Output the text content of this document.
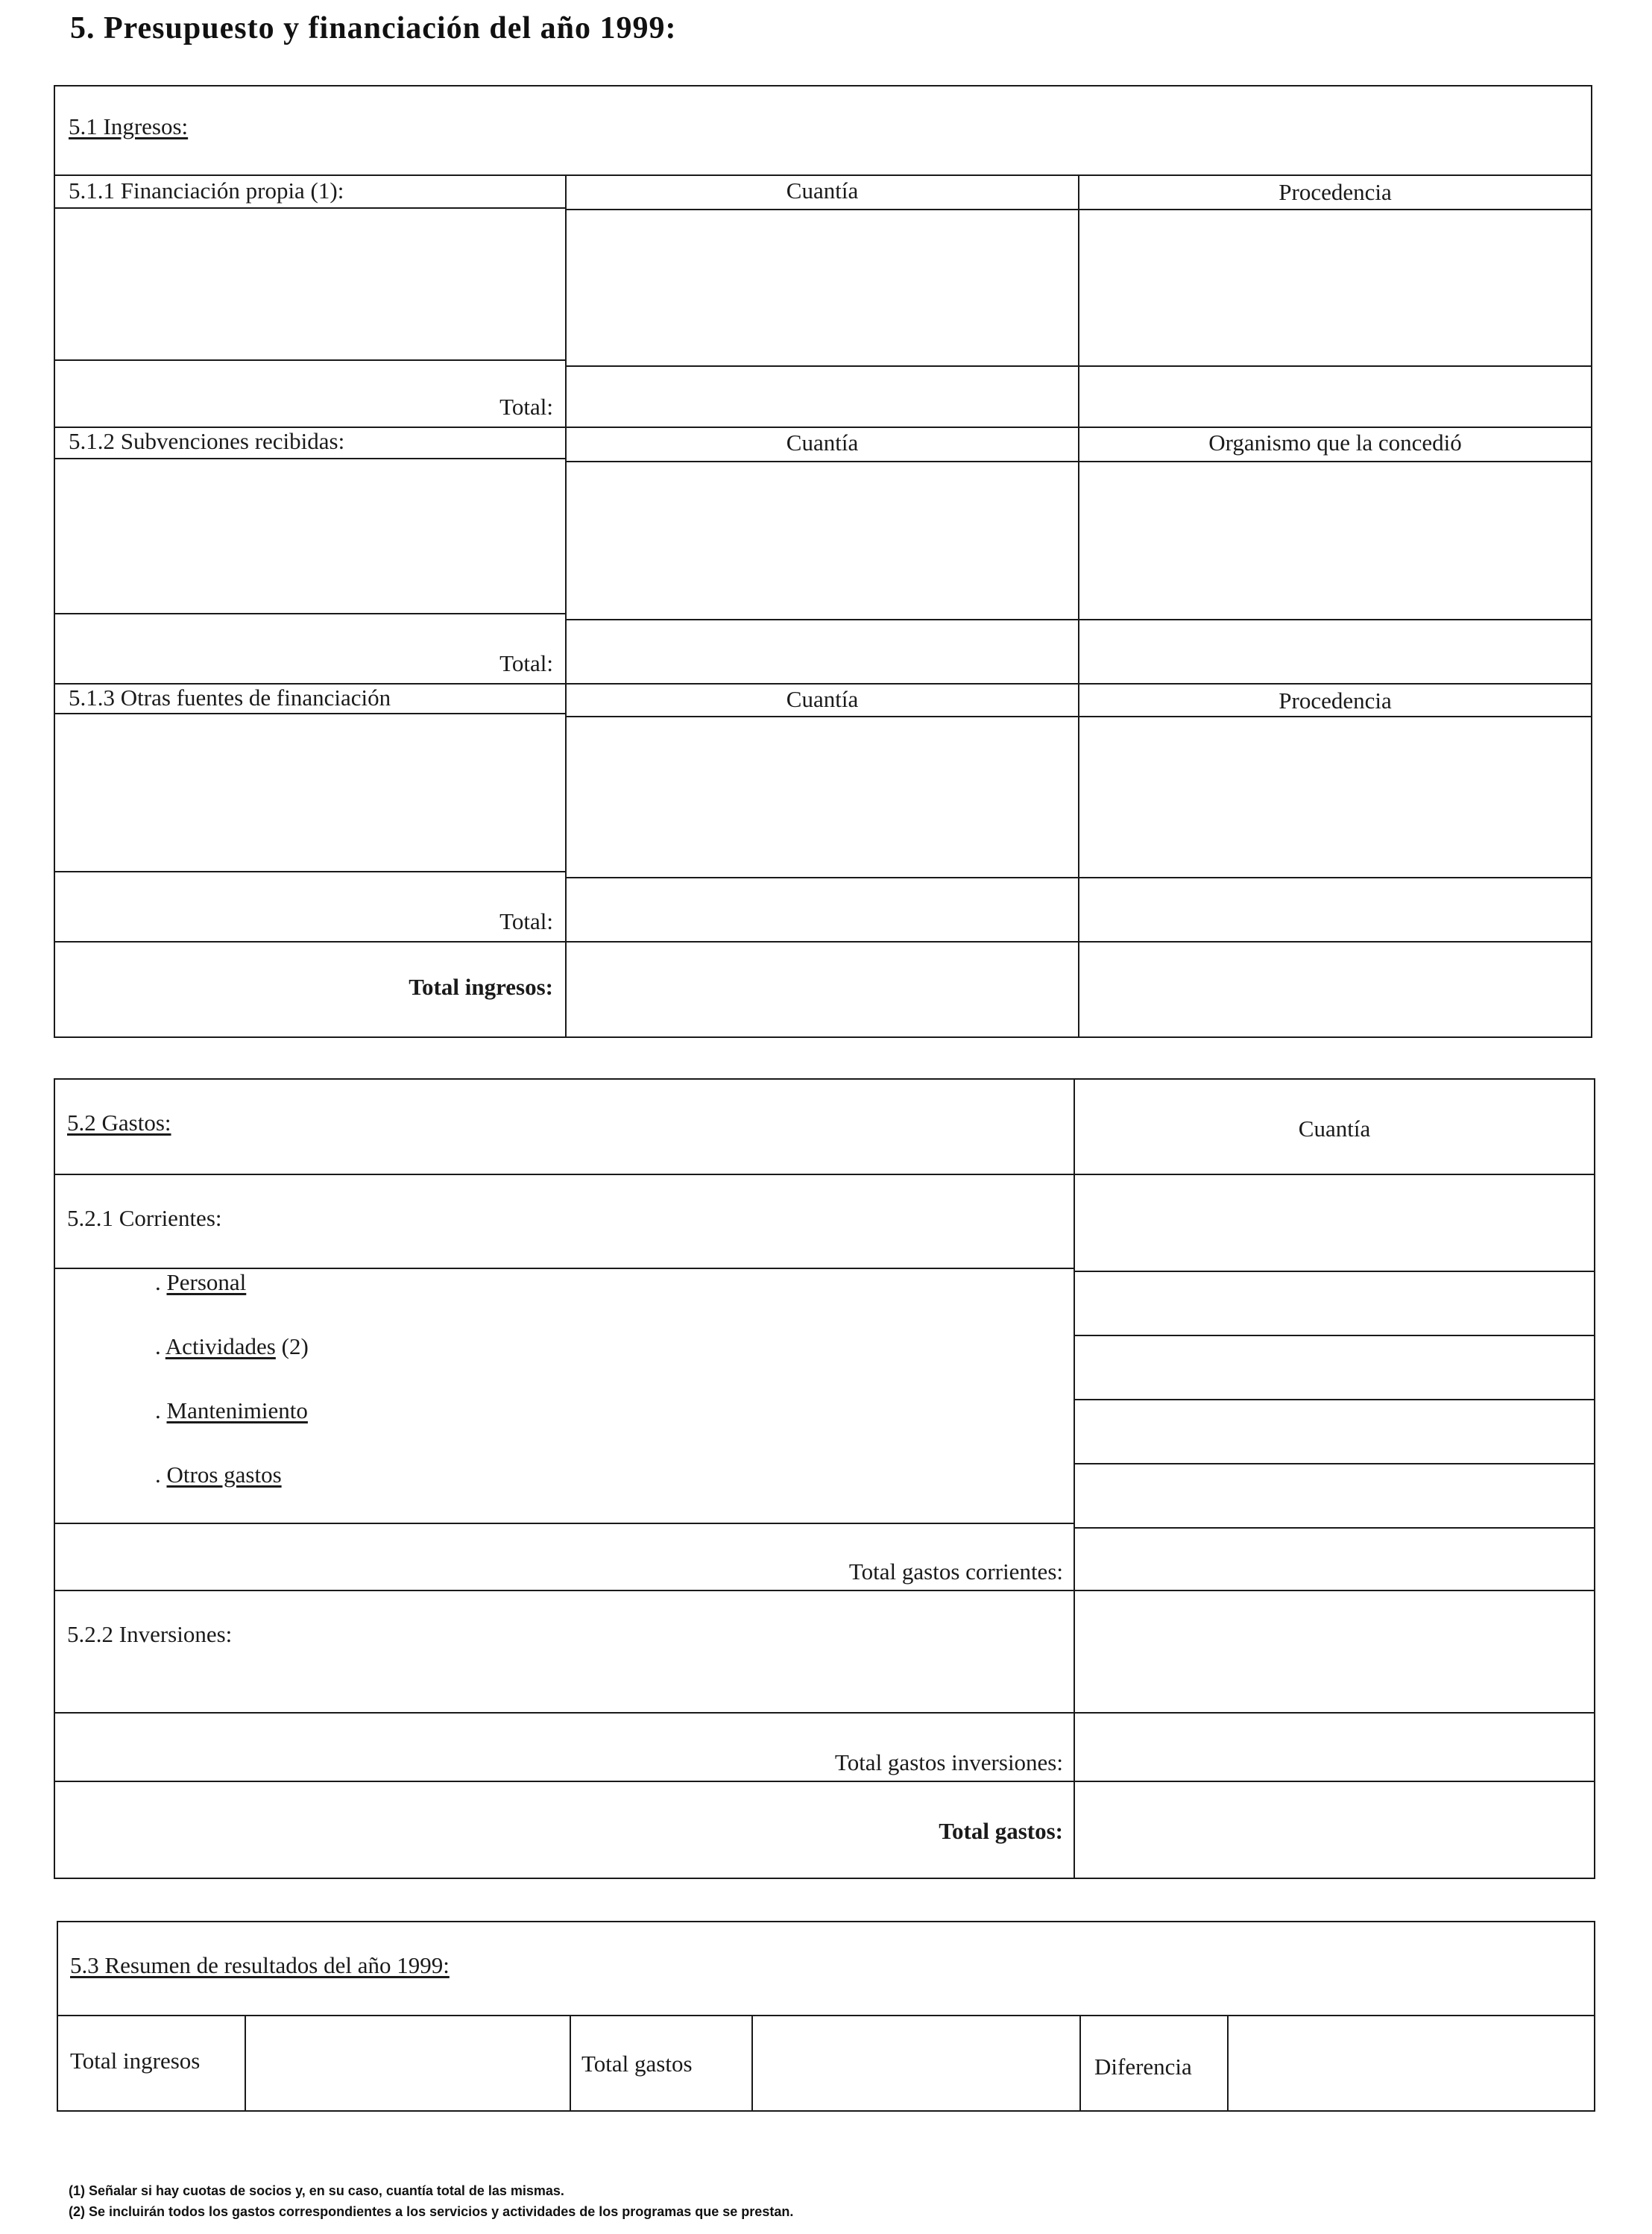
5. Presupuesto y financiación del año 1999:
5.1 Ingresos:
5.1.1 Financiación propia (1):	Cuantía	Procedencia
Total:
5.1.2 Subvenciones recibidas:	Cuantía	Organismo que la concedió
Total:
5.1.3 Otras fuentes de financiación	Cuantía	Procedencia
Total:
Total ingresos:
5.2 Gastos:	Cuantía
5.2.1 Corrientes:
. Personal
. Actividades (2)
. Mantenimiento
. Otros gastos
Total gastos corrientes:
5.2.2 Inversiones:
Total gastos inversiones:
Total gastos:
5.3 Resumen de resultados del año 1999:
Total ingresos	Total gastos	Diferencia
(1) Señalar si hay cuotas de socios y, en su caso, cuantía total de las mismas.
(2) Se incluirán todos los gastos correspondientes a los servicios y actividades de los programas que se prestan.
